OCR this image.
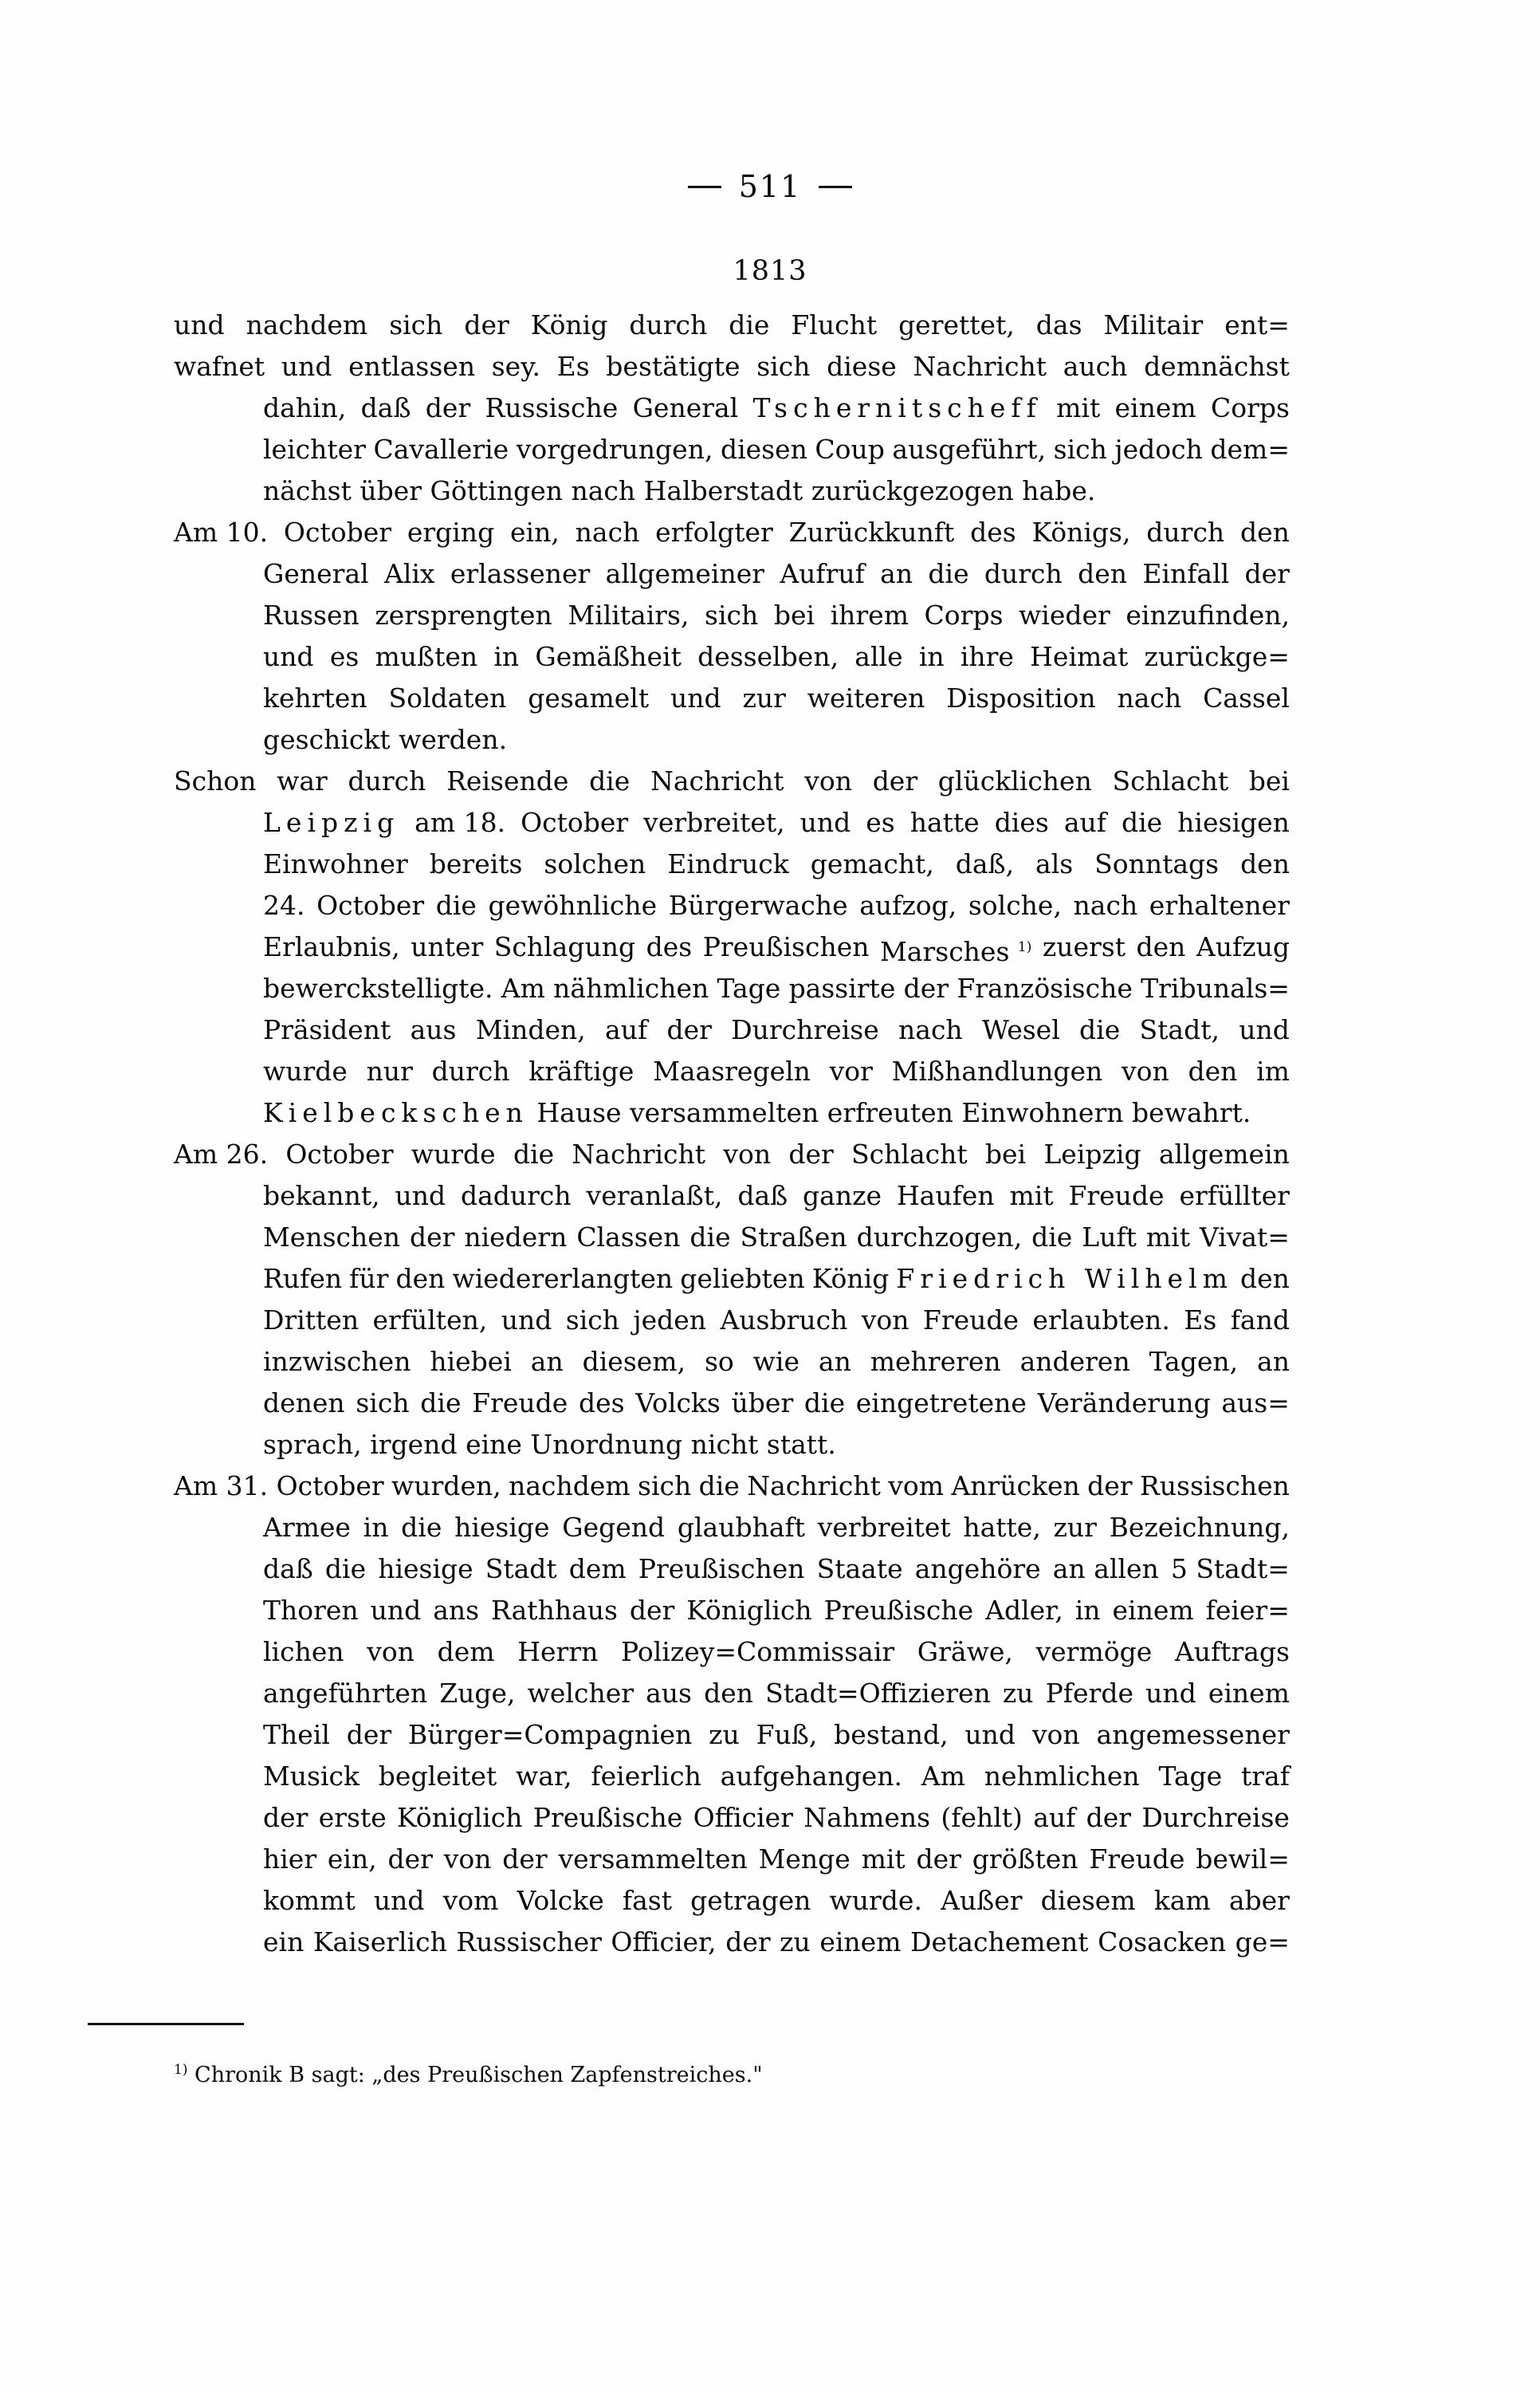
511
1813
und nachdem sich der König durch die Flucht gerettet, das Militair ent=
wafnet und entlassen sey. Es bestätigte sich diese Nachricht auch demnächst
dahin, daß der Russische General Tschernitscheff mit einem Corps
leichter Cavallerie vorgedrungen, diesen Coup ausgeführt, sich jedoch dem=
nächst über Göttingen nach Halberstadt zurückgezogen habe.
Am 10. October erging ein, nach erfolgter Zurückkunft des Königs, durch den
General Alix erlassener allgemeiner Aufruf an die durch den Einfall der
Russen zersprengten Militairs, sich bei ihrem Corps wieder einzufinden,
und es mußten in Gemäßheit desselben, alle in ihre Heimat zurückge=
kehrten Soldaten gesamelt und zur weiteren Disposition nach Cassel
geschickt werden.
Schon war durch Reisende die Nachricht von der glücklichen Schlacht bei
Leipzig am 18. October verbreitet, und es hatte dies auf die hiesigen
Einwohner bereits solchen Eindruck gemacht, daß, als Sonntags den
24. October die gewöhnliche Bürgerwache aufzog, solche, nach erhaltener
Erlaubnis, unter Schlagung des Preußischen Marsches $^{1)}$ zuerst den Aufzug
bewerckstelligte. Am nähmlichen Tage passirte der Französische Tribunals=
Präsident aus Minden, auf der Durchreise nach Wesel die Stadt, und
wurde nur durch kräftige Maasregeln vor Mißhandlungen von den im
Kielbeckschen Hause versammelten erfreuten Einwohnern bewahrt.
Am 26. October wurde die Nachricht von der Schlacht bei Leipzig allgemein
bekannt, und dadurch veranlaßt, daß ganze Haufen mit Freude erfüllter
Menschen der niedern Classen die Straßen durchzogen, die Luft mit Vivat=
Rufen für den wiedererlangten geliebten König Friedrich Wilhelm den
Dritten erfülten, und sich jeden Ausbruch von Freude erlaubten. Es fand
inzwischen hiebei an diesem, so wie an mehreren anderen Tagen, an
denen sich die Freude des Volcks über die eingetretene Veränderung aus=
sprach, irgend eine Unordnung nicht statt.
Am 31. October wurden, nachdem sich die Nachricht vom Anrücken der Russischen
Armee in die hiesige Gegend glaubhaft verbreitet hatte, zur Bezeichnung,
daß die hiesige Stadt dem Preußischen Staate angehöre an allen 5 Stadt=
Thoren und ans Rathhaus der Königlich Preußische Adler, in einem feier=
lichen von dem Herrn Polizey=Commissair Gräwe, vermöge Auftrags
angeführten Zuge, welcher aus den Stadt=Offizieren zu Pferde und einem
Theil der Bürger=Compagnien zu Fuß, bestand, und von angemessener
Musick begleitet war, feierlich aufgehangen. Am nehmlichen Tage traf
der erste Königlich Preußische Officier Nahmens (fehlt) auf der Durchreise
hier ein, der von der versammelten Menge mit der größten Freude bewil=
kommt und vom Volcke fast getragen wurde. Außer diesem kam aber
ein Kaiserlich Russischer Officier, der zu einem Detachement Cosacken ge=
$^{1)}$ Chronik B sagt: „des Preußischen Zapfenstreiches."
